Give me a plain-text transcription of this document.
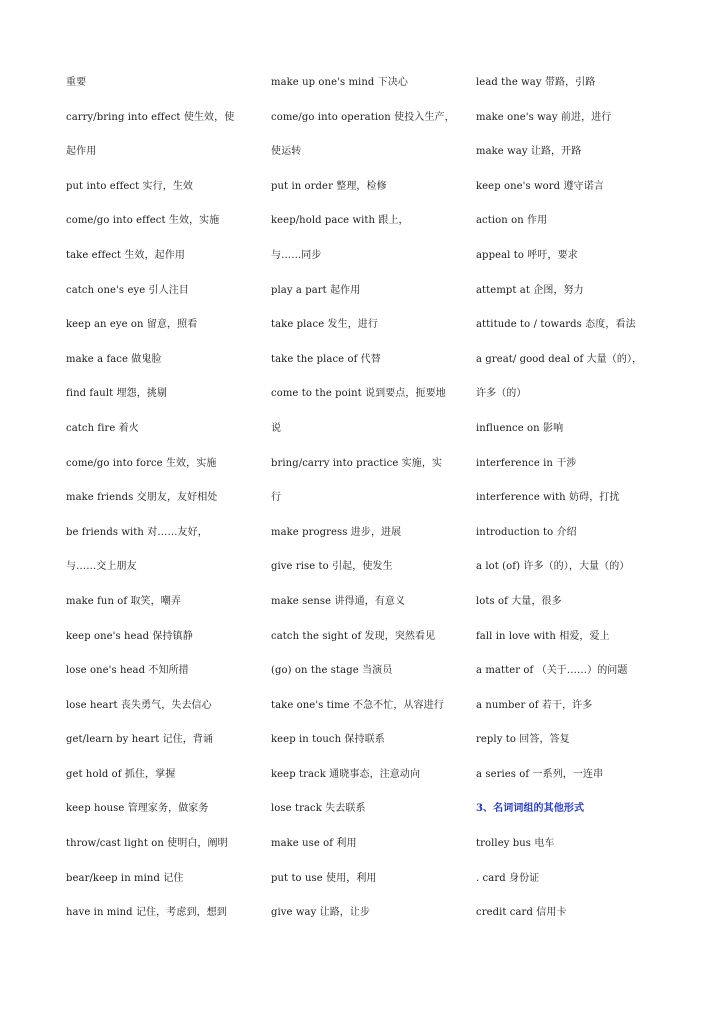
重要
carry/bring into effect 使生效，使
起作用
put into effect 实行，生效
come/go into effect 生效，实施
take effect 生效，起作用
catch one's eye 引人注目
keep an eye on 留意，照看
make a face 做鬼脸
find fault 埋怨，挑剔
catch fire 着火
come/go into force 生效，实施
make friends 交朋友，友好相处
be friends with 对……友好，
与……交上朋友
make fun of 取笑，嘲弄
keep one's head 保持镇静
lose one's head 不知所措
lose heart 丧失勇气，失去信心
get/learn by heart 记住，背诵
get hold of 抓住，掌握
keep house 管理家务，做家务
throw/cast light on 使明白，阐明
bear/keep in mind 记住
have in mind 记住，考虑到，想到
make up one's mind 下决心
come/go into operation 使投入生产，
使运转
put in order 整理，检修
keep/hold pace with 跟上，
与……同步
play a part 起作用
take place 发生，进行
take the place of 代替
come to the point 说到要点，扼要地
说
bring/carry into practice 实施，实
行
make progress 进步，进展
give rise to 引起，使发生
make sense 讲得通，有意义
catch the sight of 发现，突然看见
(go) on the stage 当演员
take one's time 不急不忙，从容进行
keep in touch 保持联系
keep track 通晓事态，注意动向
lose track 失去联系
make use of 利用
put to use 使用，利用
give way 让路，让步
lead the way 带路，引路
make one's way 前进，进行
make way 让路，开路
keep one's word 遵守诺言
action on 作用
appeal to 呼吁，要求
attempt at 企图，努力
attitude to / towards 态度，看法
a great/ good deal of 大量（的），
许多（的）
influence on 影响
interference in 干涉
interference with 妨碍，打扰
introduction to 介绍
a lot (of) 许多（的），大量（的）
lots of 大量，很多
fall in love with 相爱，爱上
a matter of （关于……）的问题
a number of 若干，许多
reply to 回答，答复
a series of 一系列，一连串
3、名词词组的其他形式
trolley bus 电车
. card 身份证
credit card 信用卡
